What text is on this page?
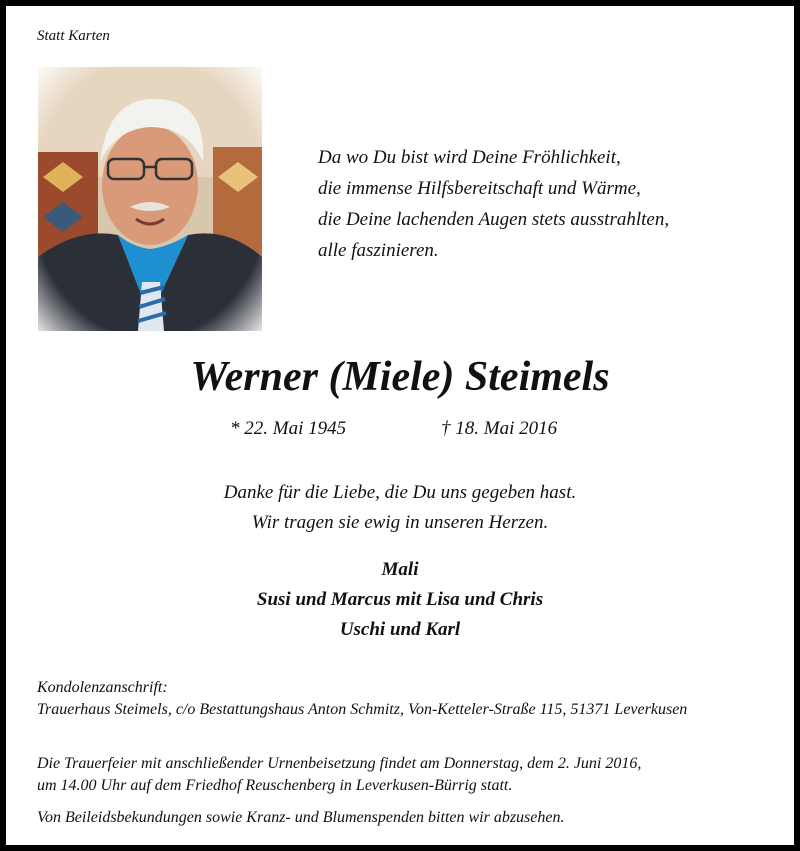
Statt Karten
Da wo Du bist wird Deine Fröhlichkeit,
die immense Hilfsbereitschaft und Wärme,
die Deine lachenden Augen stets ausstrahlten,
alle faszinieren.
Werner (Miele) Steimels
* 22. Mai 1945	† 18. Mai 2016
Danke für die Liebe, die Du uns gegeben hast.
Wir tragen sie ewig in unseren Herzen.
Mali
Susi und Marcus mit Lisa und Chris
Uschi und Karl
Kondolenzanschrift:
Trauerhaus Steimels, c/o Bestattungshaus Anton Schmitz, Von-Ketteler-Straße 115, 51371 Leverkusen
Die Trauerfeier mit anschließender Urnenbeisetzung findet am Donnerstag, dem 2. Juni 2016,
um 14.00 Uhr auf dem Friedhof Reuschenberg in Leverkusen-Bürrig statt.
Von Beileidsbekundungen sowie Kranz- und Blumenspenden bitten wir abzusehen.
